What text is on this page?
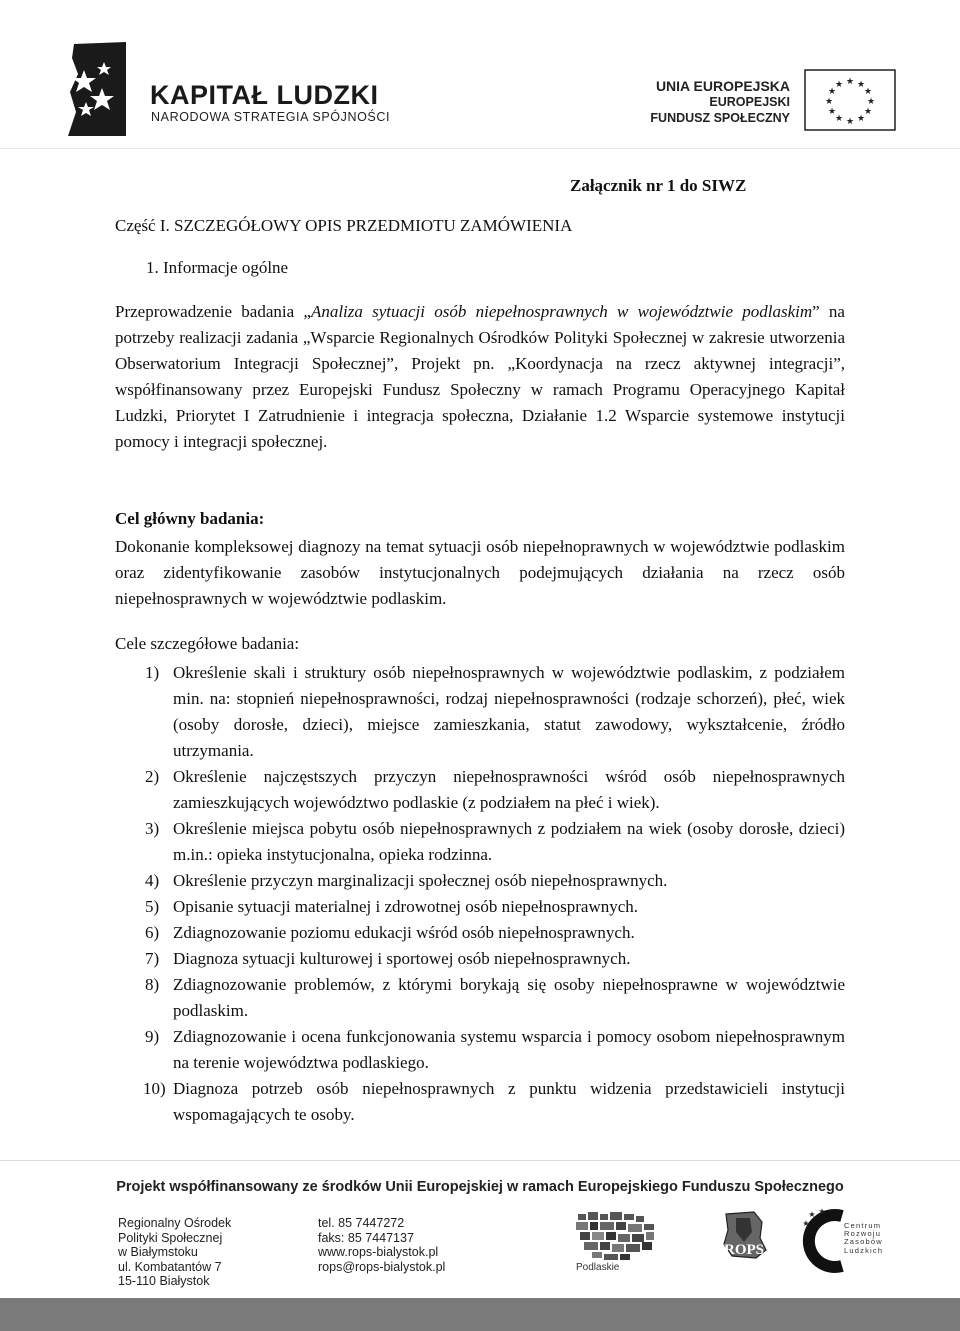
KAPITAŁ LUDZKI
NARODOWA STRATEGIA SPÓJNOŚCI
UNIA EUROPEJSKA
EUROPEJSKI
FUNDUSZ SPOŁECZNY
★ ★
★
★
★
★
★
★
★
★
★
★
Załącznik nr 1 do SIWZ
Część I. SZCZEGÓŁOWY OPIS PRZEDMIOTU ZAMÓWIENIA
1. Informacje ogólne
Przeprowadzenie badania „Analiza sytuacji osób niepełnosprawnych w województwie podlaskim” na potrzeby realizacji zadania „Wsparcie Regionalnych Ośrodków Polityki Społecznej w zakresie utworzenia Obserwatorium Integracji Społecznej”, Projekt pn. „Koordynacja na rzecz aktywnej integracji”, współfinansowany przez Europejski Fundusz Społeczny w ramach Programu Operacyjnego Kapitał Ludzki, Priorytet I Zatrudnienie i integracja społeczna, Działanie 1.2 Wsparcie systemowe instytucji pomocy i integracji społecznej.
Cel główny badania:
Dokonanie kompleksowej diagnozy na temat sytuacji osób niepełnoprawnych w województwie podlaskim oraz zidentyfikowanie zasobów instytucjonalnych podejmujących działania na rzecz osób niepełnosprawnych w województwie podlaskim.
Cele szczegółowe badania:
1) Określenie skali i struktury osób niepełnosprawnych w województwie podlaskim, z podziałem min. na: stopnień niepełnosprawności, rodzaj niepełnosprawności (rodzaje schorzeń), płeć, wiek (osoby dorosłe, dzieci), miejsce zamieszkania, statut zawodowy, wykształcenie, źródło utrzymania.
2) Określenie najczęstszych przyczyn niepełnosprawności wśród osób niepełnosprawnych zamieszkujących województwo podlaskie (z podziałem na płeć i wiek).
3) Określenie miejsca pobytu osób niepełnosprawnych z podziałem na wiek (osoby dorosłe, dzieci) m.in.: opieka instytucjonalna, opieka rodzinna.
4) Określenie przyczyn marginalizacji społecznej osób niepełnosprawnych.
5) Opisanie sytuacji materialnej i zdrowotnej osób niepełnosprawnych.
6) Zdiagnozowanie poziomu edukacji wśród osób niepełnosprawnych.
7) Diagnoza sytuacji kulturowej i sportowej osób niepełnosprawnych.
8) Zdiagnozowanie problemów, z którymi borykają się osoby niepełnosprawne w województwie podlaskim.
9) Zdiagnozowanie i ocena funkcjonowania systemu wsparcia i pomocy osobom niepełnosprawnym na terenie województwa podlaskiego.
10) Diagnoza potrzeb osób niepełnosprawnych z punktu widzenia przedstawicieli instytucji wspomagających te osoby.
Projekt współfinansowany ze środków Unii Europejskiej w ramach Europejskiego Funduszu Społecznego
Regionalny Ośrodek
Polityki Społecznej
w Białymstoku
ul. Kombatantów 7
15-110 Białystok
tel. 85 7447272
faks: 85 7447137
www.rops-bialystok.pl
rops@rops-bialystok.pl	Podlaskie
ROPS
★ ★
★	Centrum
Rozwoju
Zasobów
Ludzkich
